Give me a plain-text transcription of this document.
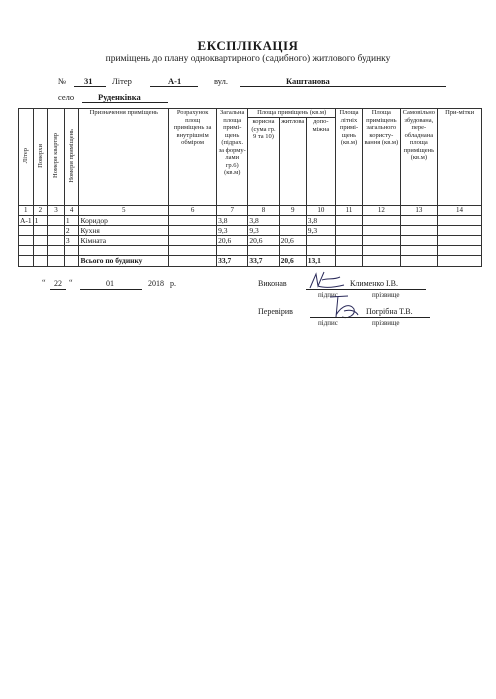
ЕКСПЛІКАЦІЯ
приміщень до плану одноквартирного (садибного) житлового будинку
№ 31 Літер	А-1	вул.	Каштанова
село	Руденківка
Літер	Поверхи	Номери квартир	Номери приміщень	Призначення приміщень	Розрахунок площ приміщень за внутрішнім обміром	Загальна площа примі-щень (підрах. за форму-лами гр.6) (кв.м)	Площа приміщень (кв.м)			Площа літніх примі-щень (кв.м)	Площа приміщень загального користу-вання (кв.м)	Самовільно збудована, пере-обладнана площа приміщень (кв.м)	При-мітки
							корисна (сума гр. 9 та 10)	житлова	допо-міжна				
1	2	3	4	5	6	7	8	9	10	11	12	13	14
А-1	1		1	Коридор		3,8	3,8		3,8				
			2	Кухня		9,3	9,3		9,3				
			3	Кімната		20,6	20,6	20,6					

				Всього по будинку		33,7	33,7	20,6	13,1				
“ 22 “	01	2018 р.	Виконав	Клименко І.В.
підпис	прізвище
Перевірив	Погрібна Т.В.
підпис	прізвище
